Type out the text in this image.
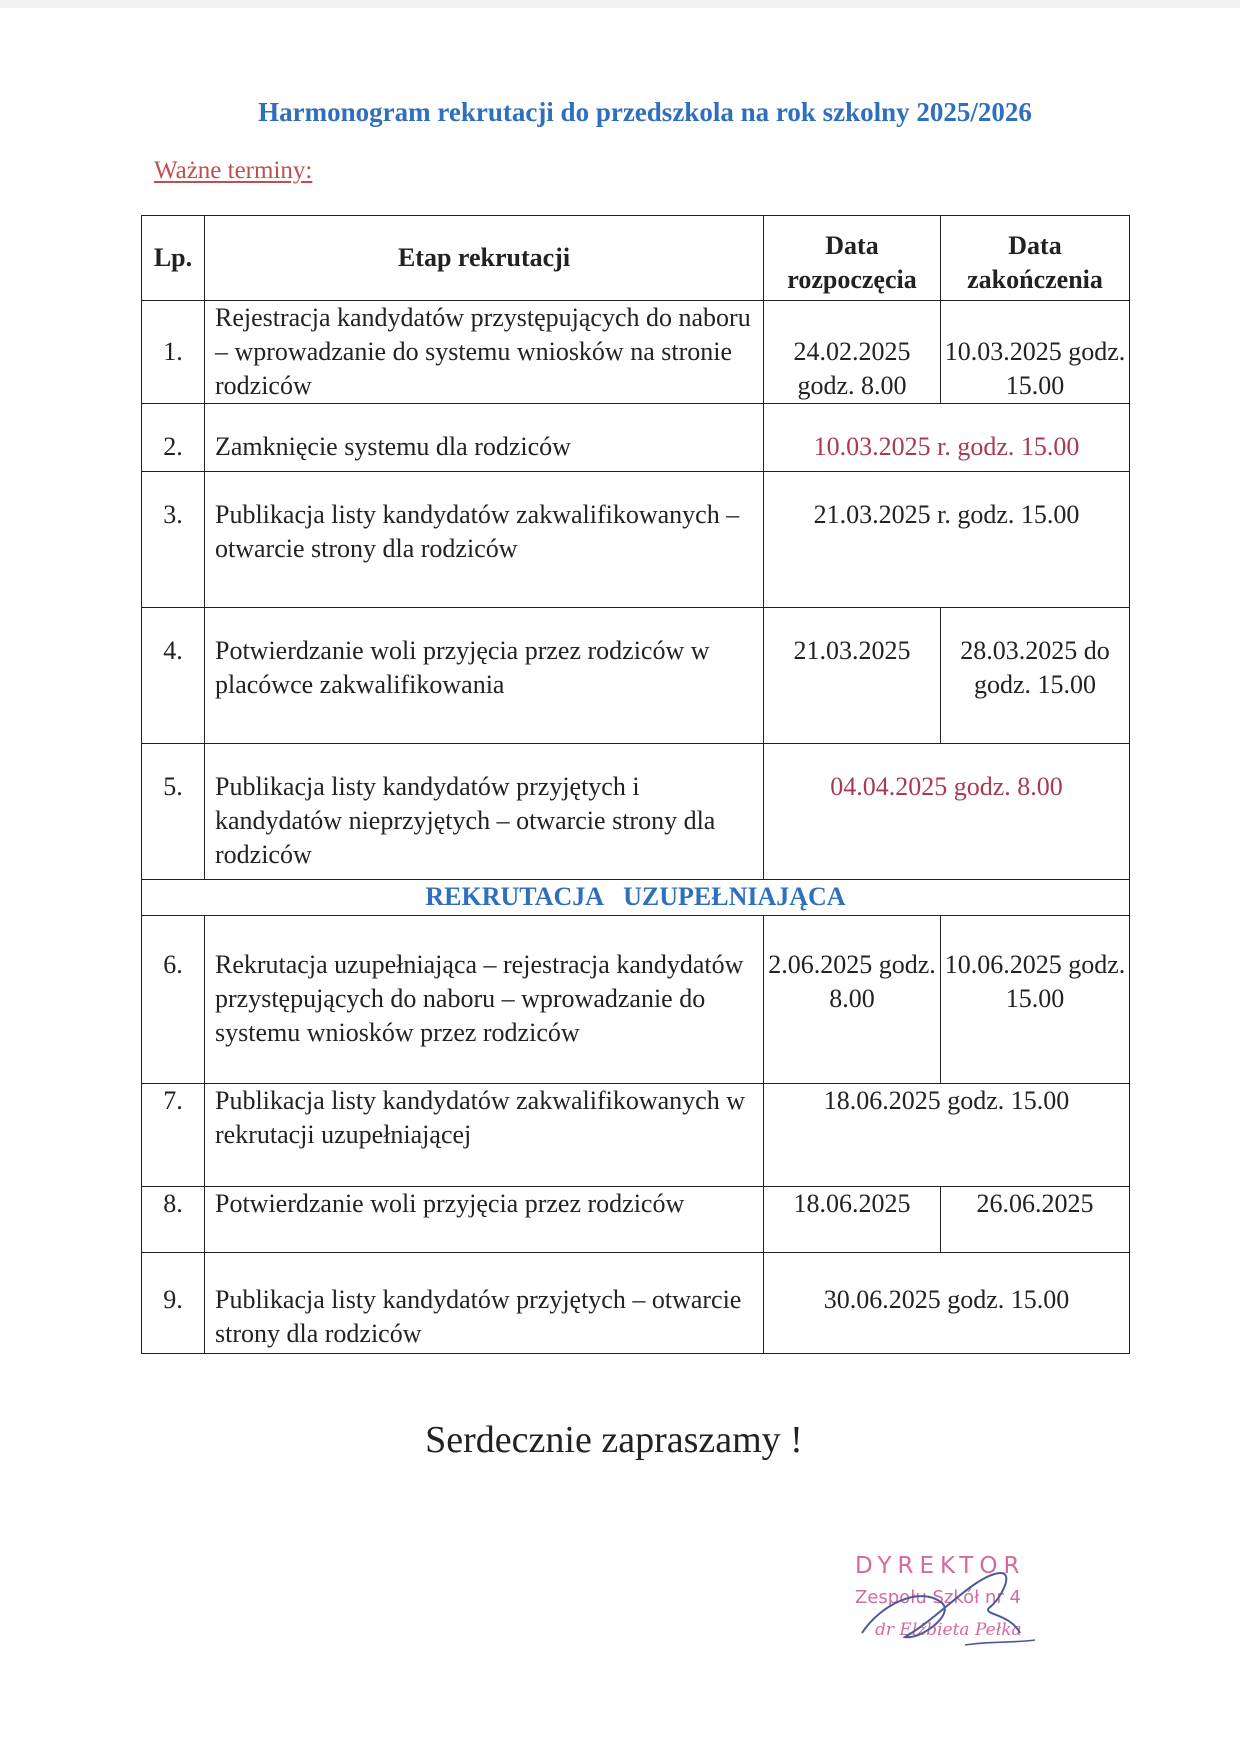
Harmonogram rekrutacji do przedszkola na rok szkolny 2025/2026
Ważne terminy:
Lp.	Etap rekrutacji	Data rozpoczęcia	Data zakończenia
1.	Rejestracja kandydatów przystępujących do naboru – wprowadzanie do systemu wniosków na stronie rodziców	24.02.2025 godz. 8.00	10.03.2025 godz. 15.00

2.	Zamknięcie systemu dla rodziców	10.03.2025 r. godz. 15.00	

3.	Publikacja listy kandydatów zakwalifikowanych – otwarcie strony dla rodziców	21.03.2025 r. godz. 15.00	

4.	Potwierdzanie woli przyjęcia przez rodziców w placówce zakwalifikowania	21.03.2025	28.03.2025 do godz. 15.00

5.	Publikacja listy kandydatów przyjętych i kandydatów nieprzyjętych – otwarcie strony dla rodziców	04.04.2025 godz. 8.00	

REKRUTACJA UZUPEŁNIAJĄCA			

6.	Rekrutacja uzupełniająca – rejestracja kandydatów przystępujących do naboru – wprowadzanie do systemu wniosków przez rodziców	2.06.2025 godz. 8.00	10.06.2025 godz. 15.00

7.	Publikacja listy kandydatów zakwalifikowanych w rekrutacji uzupełniającej	18.06.2025 godz. 15.00	

8.	Potwierdzanie woli przyjęcia przez rodziców	18.06.2025	26.06.2025

9.	Publikacja listy kandydatów przyjętych – otwarcie strony dla rodziców	30.06.2025 godz. 15.00	
Serdecznie zapraszamy !
DYREKTOR
Zespołu Szkół nr 4
dr Elżbieta Pełka
